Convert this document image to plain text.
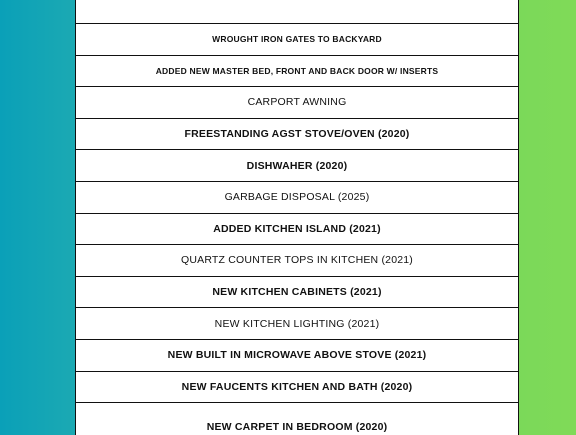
WROUGHT IRON GATES TO BACKYARD
ADDED NEW MASTER BED, FRONT AND BACK DOOR W/ INSERTS
CARPORT AWNING
FREESTANDING AGST STOVE/OVEN (2020)
DISHWAHER (2020)
GARBAGE DISPOSAL (2025)
ADDED KITCHEN ISLAND (2021)
QUARTZ COUNTER TOPS IN KITCHEN (2021)
NEW KITCHEN CABINETS (2021)
NEW KITCHEN LIGHTING (2021)
NEW BUILT IN MICROWAVE ABOVE STOVE (2021)
NEW FAUCENTS KITCHEN AND BATH (2020)
NEW CARPET IN BEDROOM (2020)
